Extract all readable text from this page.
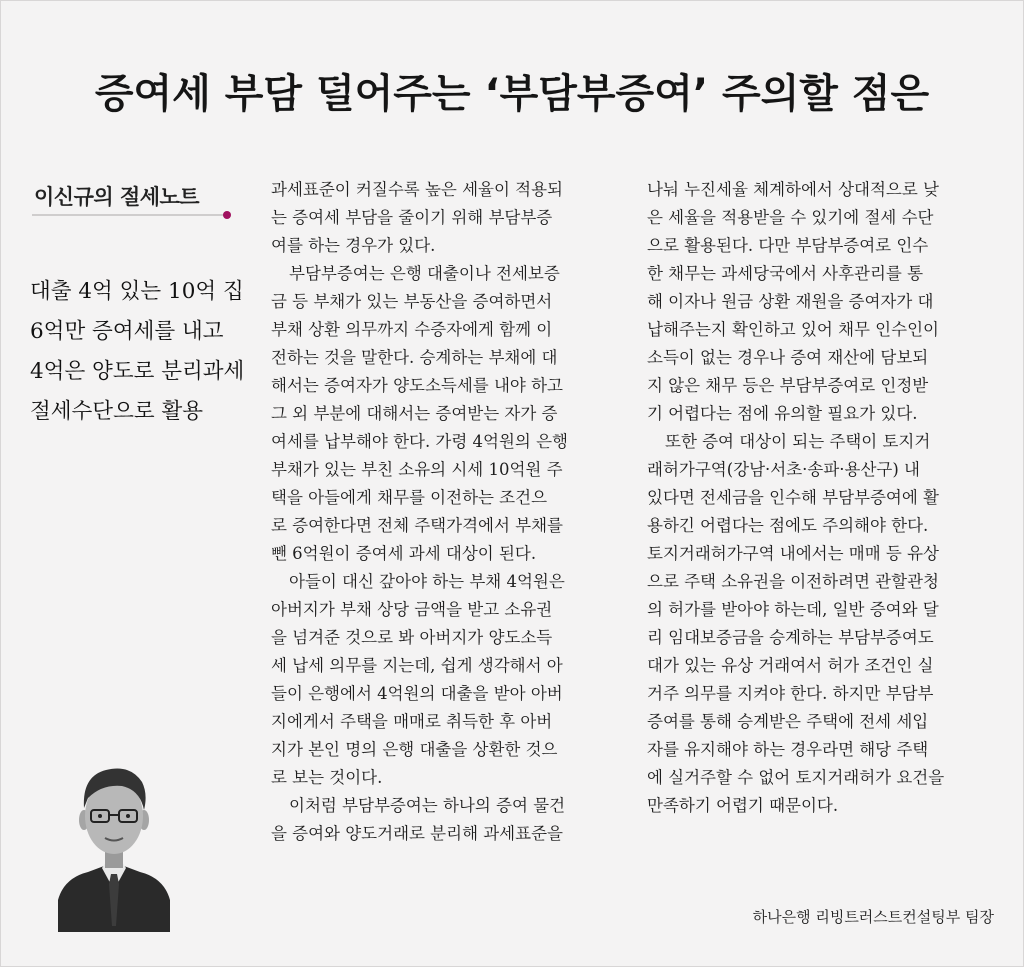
증여세 부담 덜어주는 ‘부담부증여’ 주의할 점은
이신규의 절세노트
대출 4억 있는 10억 집
6억만 증여세를 내고
4억은 양도로 분리과세
절세수단으로 활용
과세표준이 커질수록 높은 세율이 적용되
는 증여세 부담을 줄이기 위해 부담부증
여를 하는 경우가 있다.
부담부증여는 은행 대출이나 전세보증
금 등 부채가 있는 부동산을 증여하면서
부채 상환 의무까지 수증자에게 함께 이
전하는 것을 말한다. 승계하는 부채에 대
해서는 증여자가 양도소득세를 내야 하고
그 외 부분에 대해서는 증여받는 자가 증
여세를 납부해야 한다. 가령 4억원의 은행
부채가 있는 부친 소유의 시세 10억원 주
택을 아들에게 채무를 이전하는 조건으
로 증여한다면 전체 주택가격에서 부채를
뺀 6억원이 증여세 과세 대상이 된다.
아들이 대신 갚아야 하는 부채 4억원은
아버지가 부채 상당 금액을 받고 소유권
을 넘겨준 것으로 봐 아버지가 양도소득
세 납세 의무를 지는데, 쉽게 생각해서 아
들이 은행에서 4억원의 대출을 받아 아버
지에게서 주택을 매매로 취득한 후 아버
지가 본인 명의 은행 대출을 상환한 것으
로 보는 것이다.
이처럼 부담부증여는 하나의 증여 물건
을 증여와 양도거래로 분리해 과세표준을
나눠 누진세율 체계하에서 상대적으로 낮
은 세율을 적용받을 수 있기에 절세 수단
으로 활용된다. 다만 부담부증여로 인수
한 채무는 과세당국에서 사후관리를 통
해 이자나 원금 상환 재원을 증여자가 대
납해주는지 확인하고 있어 채무 인수인이
소득이 없는 경우나 증여 재산에 담보되
지 않은 채무 등은 부담부증여로 인정받
기 어렵다는 점에 유의할 필요가 있다.
또한 증여 대상이 되는 주택이 토지거
래허가구역(강남·서초·송파·용산구) 내
있다면 전세금을 인수해 부담부증여에 활
용하긴 어렵다는 점에도 주의해야 한다.
토지거래허가구역 내에서는 매매 등 유상
으로 주택 소유권을 이전하려면 관할관청
의 허가를 받아야 하는데, 일반 증여와 달
리 임대보증금을 승계하는 부담부증여도
대가 있는 유상 거래여서 허가 조건인 실
거주 의무를 지켜야 한다. 하지만 부담부
증여를 통해 승계받은 주택에 전세 세입
자를 유지해야 하는 경우라면 해당 주택
에 실거주할 수 없어 토지거래허가 요건을
만족하기 어렵기 때문이다.
하나은행 리빙트러스트컨설팅부 팀장
